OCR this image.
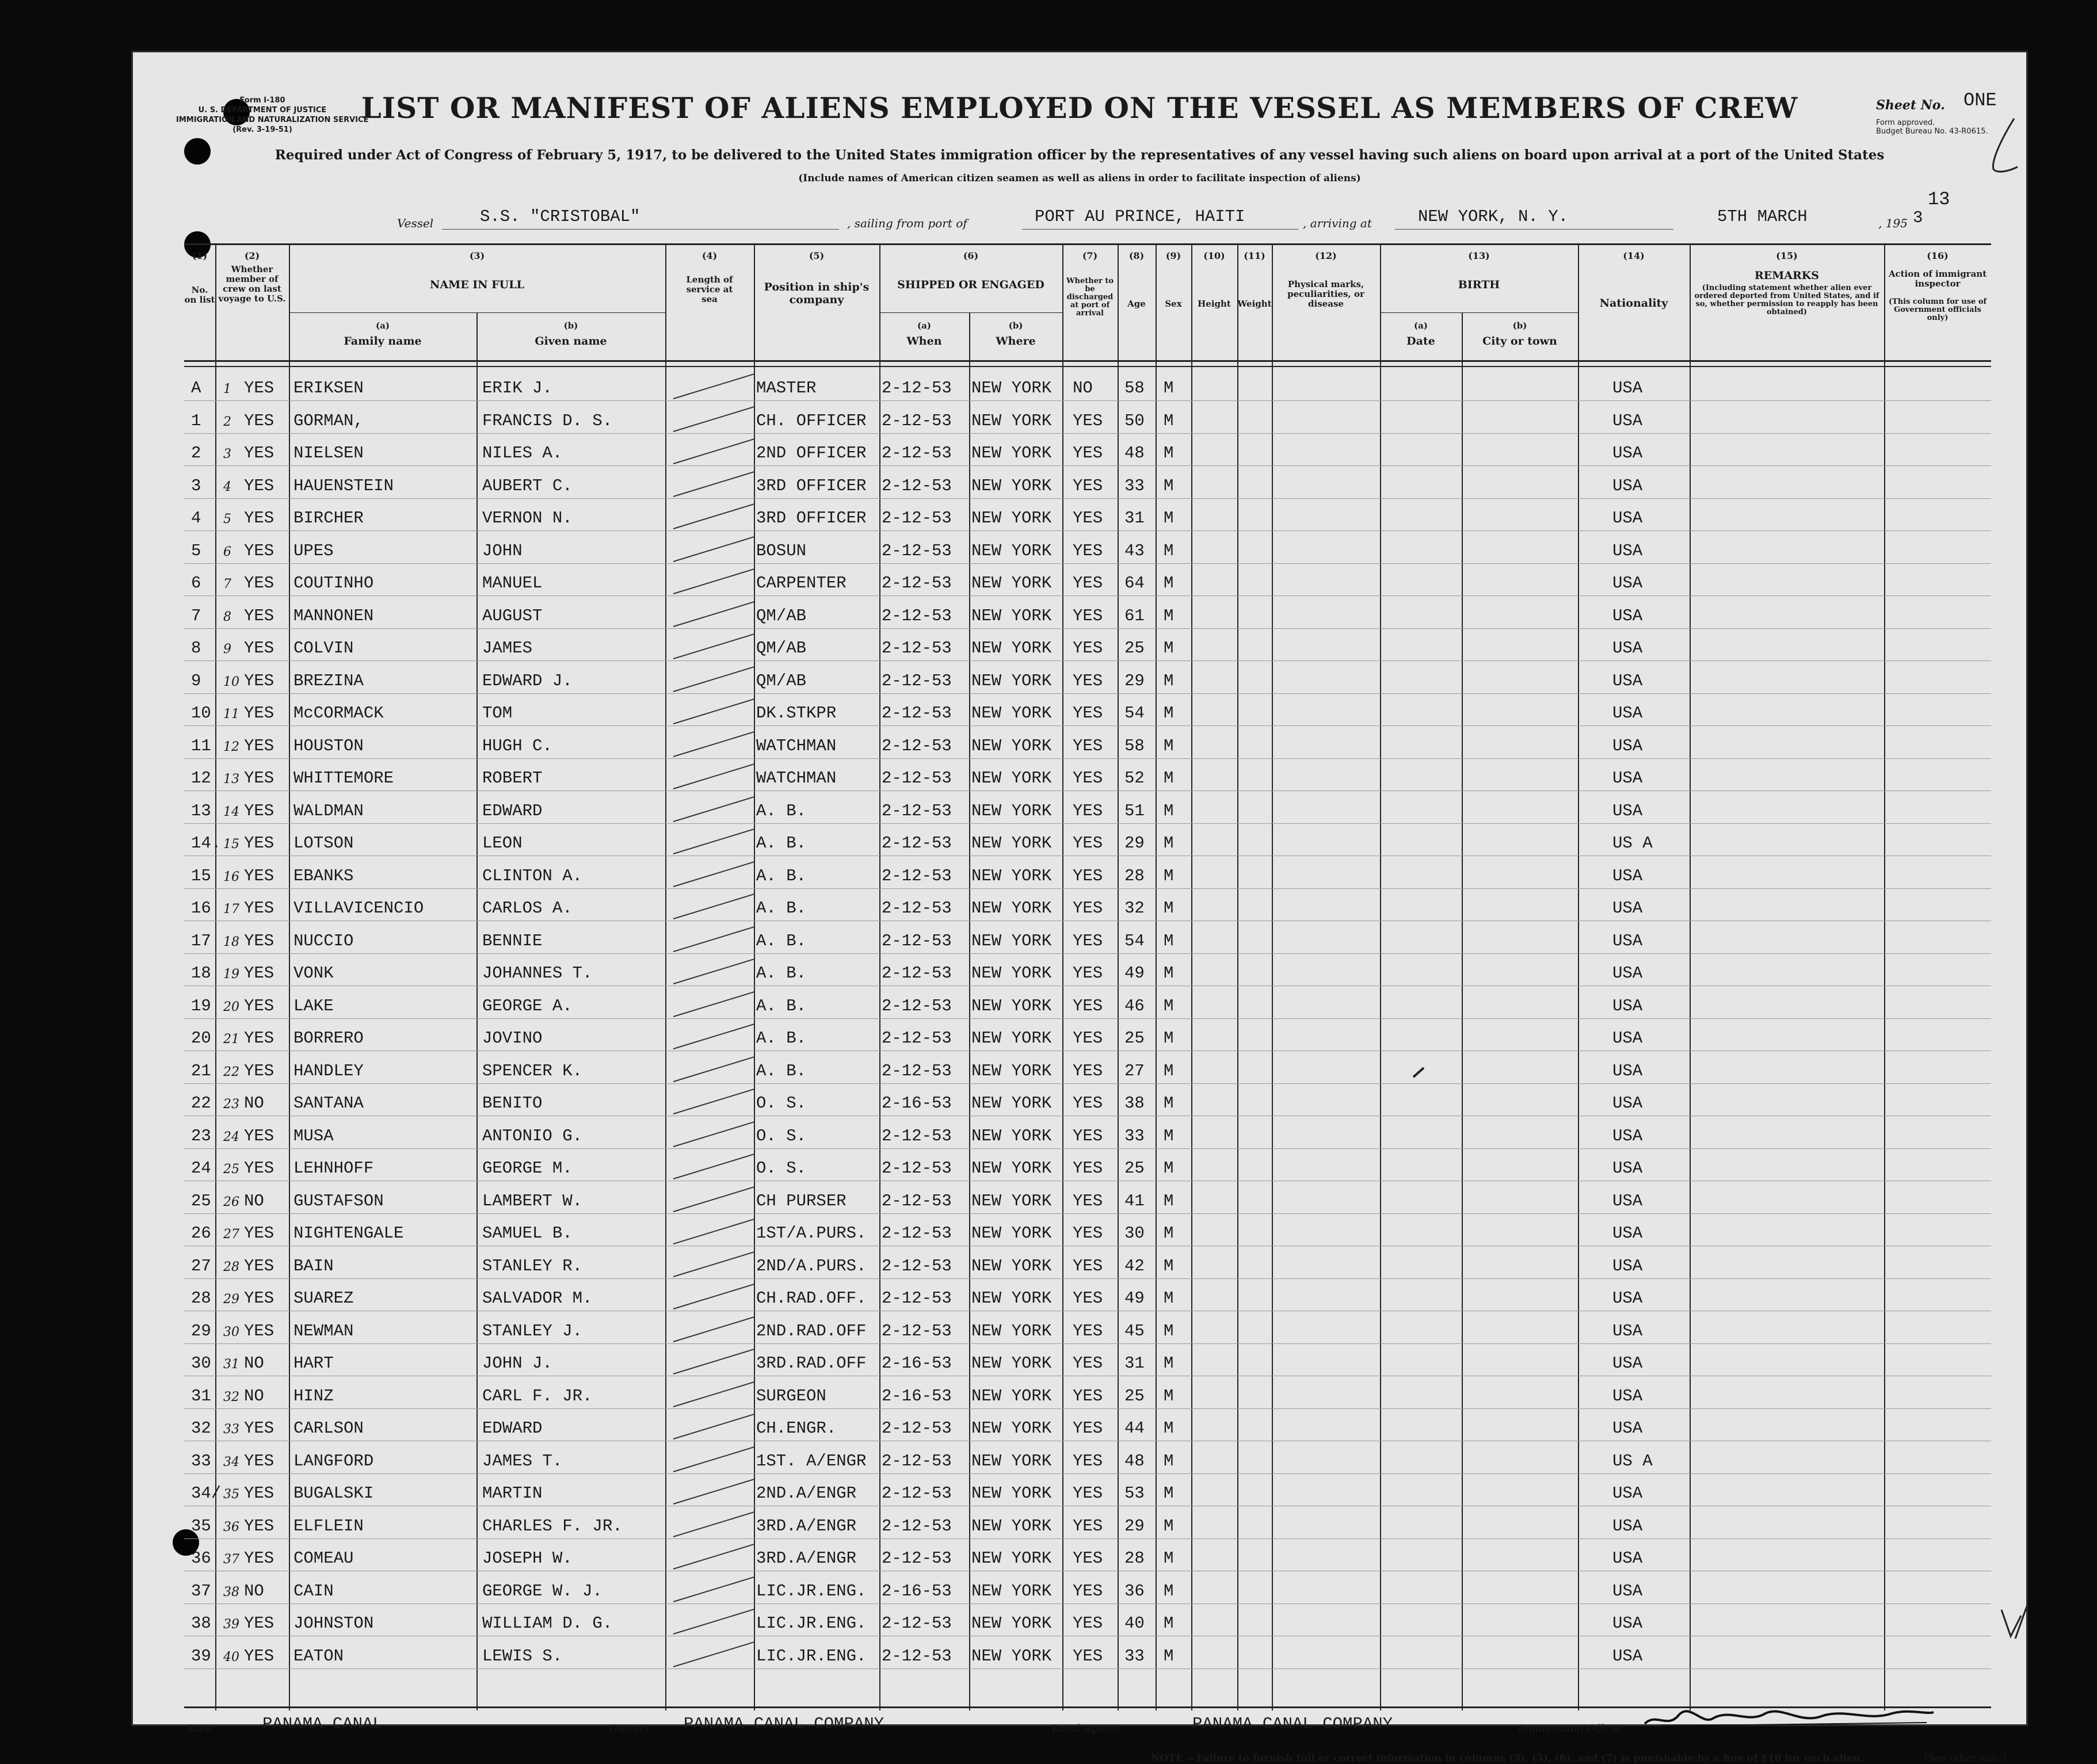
Form I-180
U. S. DEPARTMENT OF JUSTICE
IMMIGRATION AND NATURALIZATION SERVICE
(Rev. 3-19-51)
LIST OR MANIFEST OF ALIENS EMPLOYED ON THE VESSEL AS MEMBERS OF CREW
Required under Act of Congress of February 5, 1917, to be delivered to the United States immigration officer by the representatives of any vessel having such aliens on board upon arrival at a port of the United States
(Include names of American citizen seamen as well as aliens in order to facilitate inspection of aliens)
Sheet No. ONE
Form approved.
Budget Bureau No. 43-R0615.
13
Vessel	S.S. "CRISTOBAL"	, sailing from port of	PORT AU PRINCE, HAITI	, arriving at	NEW YORK, N. Y.	5TH MARCH	, 195 3
(1)
No. on list
(2)
Whether member of crew on last voyage to U.S.
(3)
NAME IN FULL
(a)
Family name
(b)
Given name
(4)
Length of service at sea
(5)
Position in ship's company
(6)
SHIPPED OR ENGAGED
(a)
When
(b)
Where
(7)
Whether to be discharged at port of arrival
(8)
Age
(9)
Sex
(10)
Height
(11)
Weight
(12)
Physical marks, peculiarities, or disease
(13)
BIRTH
(a)
Date
(b)
City or town
(14)
Nationality
(15)
REMARKS
(Including statement whether alien ever ordered deported from United States, and if so, whether permission to reapply has been obtained)
(16)
Action of immigrant inspector
(This column for use of Government officials only)
A 1 YES ERIKSEN	ERIK J.	MASTER	2-12-53 NEW YORK NO 58 M	USA
1 2 YES GORMAN,	FRANCIS D. S.	CH. OFFICER 2-12-53 NEW YORK YES 50 M	USA
2 3 YES NIELSEN	NILES A.	2ND OFFICER 2-12-53 NEW YORK YES 48 M	USA
3 4 YES HAUENSTEIN	AUBERT C.	3RD OFFICER 2-12-53 NEW YORK YES 33 M	USA
4 5 YES BIRCHER	VERNON N.	3RD OFFICER 2-12-53 NEW YORK YES 31 M	USA
5 6 YES UPES	JOHN	BOSUN	2-12-53 NEW YORK YES 43 M	USA
6 7 YES COUTINHO	MANUEL	CARPENTER 2-12-53 NEW YORK YES 64 M	USA
7 8 YES MANNONEN	AUGUST	QM/AB	2-12-53 NEW YORK YES 61 M	USA
8 9 YES COLVIN	JAMES	QM/AB	2-12-53 NEW YORK YES 25 M	USA
9 10 YES BREZINA	EDWARD J.	QM/AB	2-12-53 NEW YORK YES 29 M	USA
10 11 YES McCORMACK	TOM	DK.STKPR	2-12-53 NEW YORK YES 54 M	USA
11 12 YES HOUSTON	HUGH C.	WATCHMAN	2-12-53 NEW YORK YES 58 M	USA
12 13 YES WHITTEMORE	ROBERT	WATCHMAN	2-12-53 NEW YORK YES 52 M	USA
13 14 YES WALDMAN	EDWARD	A. B.	2-12-53 NEW YORK YES 51 M	USA
14. 15 YES LOTSON	LEON	A. B.	2-12-53 NEW YORK YES 29 M	US A
15 16 YES EBANKS	CLINTON A.	A. B.	2-12-53 NEW YORK YES 28 M	USA
16 17 YES VILLAVICENCIO	CARLOS A.	A. B.	2-12-53 NEW YORK YES 32 M	USA
17 18 YES NUCCIO	BENNIE	A. B.	2-12-53 NEW YORK YES 54 M	USA
18 19 YES VONK	JOHANNES T.	A. B.	2-12-53 NEW YORK YES 49 M	USA
19 20 YES LAKE	GEORGE A.	A. B.	2-12-53 NEW YORK YES 46 M	USA
20 21 YES BORRERO	JOVINO	A. B.	2-12-53 NEW YORK YES 25 M	USA
21 22 YES HANDLEY	SPENCER K.	A. B.	2-12-53 NEW YORK YES 27 M	USA
22 23 NO SANTANA	BENITO	O. S.	2-16-53 NEW YORK YES 38 M	USA
23 24 YES MUSA	ANTONIO G.	O. S.	2-12-53 NEW YORK YES 33 M	USA
24 25 YES LEHNHOFF	GEORGE M.	O. S.	2-12-53 NEW YORK YES 25 M	USA
25 26 NO GUSTAFSON	LAMBERT W.	CH PURSER 2-12-53 NEW YORK YES 41 M	USA
26 27 YES NIGHTENGALE	SAMUEL B.	1ST/A.PURS. 2-12-53 NEW YORK YES 30 M	USA
27 28 YES BAIN	STANLEY R.	2ND/A.PURS. 2-12-53 NEW YORK YES 42 M	USA
28 29 YES SUAREZ	SALVADOR M.	CH.RAD.OFF. 2-12-53 NEW YORK YES 49 M	USA
29 30 YES NEWMAN	STANLEY J.	2ND.RAD.OFF 2-12-53 NEW YORK YES 45 M	USA
30 31 NO HART	JOHN J.	3RD.RAD.OFF 2-16-53 NEW YORK YES 31 M	USA
31 32 NO HINZ	CARL F. JR.	SURGEON	2-16-53 NEW YORK YES 25 M	USA
32 33 YES CARLSON	EDWARD	CH.ENGR.	2-12-53 NEW YORK YES 44 M	USA
33 34 YES LANGFORD	JAMES T.	1ST. A/ENGR 2-12-53 NEW YORK YES 48 M	US A
34/ 35 YES BUGALSKI	MARTIN	2ND.A/ENGR 2-12-53 NEW YORK YES 53 M	USA
35 36 YES ELFLEIN	CHARLES F. JR.	3RD.A/ENGR 2-12-53 NEW YORK YES 29 M	USA
36 37 YES COMEAU	JOSEPH W.	3RD.A/ENGR 2-12-53 NEW YORK YES 28 M	USA
37 38 NO CAIN	GEORGE W. J.	LIC.JR.ENG. 2-16-53 NEW YORK YES 36 M	USA
38 39 YES JOHNSTON	WILLIAM D. G.	LIC.JR.ENG. 2-12-53 NEW YORK YES 40 M	USA
39 40 YES EATON	LEWIS S.	LIC.JR.ENG. 2-12-53 NEW YORK YES 33 M	USA
Line	PANAMA CANAL	Owners PANAMA CANAL COMPANY	Local Agents	PANAMA CANAL COMPANY	Immigration Officer
NOTE.—Failure to furnish full or correct information in columns (3), (5), (6), and (7) is punishable by a fine of $10 for each alien.	(See other side.)
